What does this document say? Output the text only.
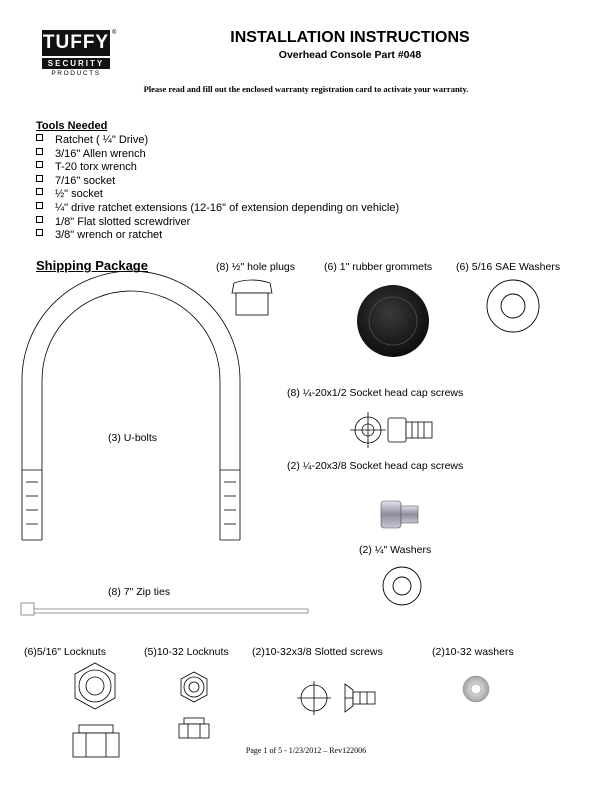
TUFFY ®
SECURITY
PRODUCTS
INSTALLATION INSTRUCTIONS
Overhead Console Part #048
Please read and fill out the enclosed warranty registration card to activate your warranty.
Tools Needed
Ratchet ( ¼" Drive)
3/16" Allen wrench
T-20 torx wrench
7/16" socket
½" socket
¼" drive ratchet extensions (12-16" of extension depending on vehicle)
1/8" Flat slotted screwdriver
3/8" wrench or ratchet
Shipping Package	(8) ½" hole plugs	(6) 1" rubber grommets (6) 5/16 SAE Washers
(3) U-bolts
(8) ¼-20x1/2 Socket head cap screws
(2) ¼-20x3/8 Socket head cap screws
(2) ¼" Washers
(8) 7" Zip ties
(6)5/16" Locknuts	(5)10-32 Locknuts (2)10-32x3/8 Slotted screws	(2)10-32 washers
Page 1 of 5 - 1/23/2012 – Rev122006
